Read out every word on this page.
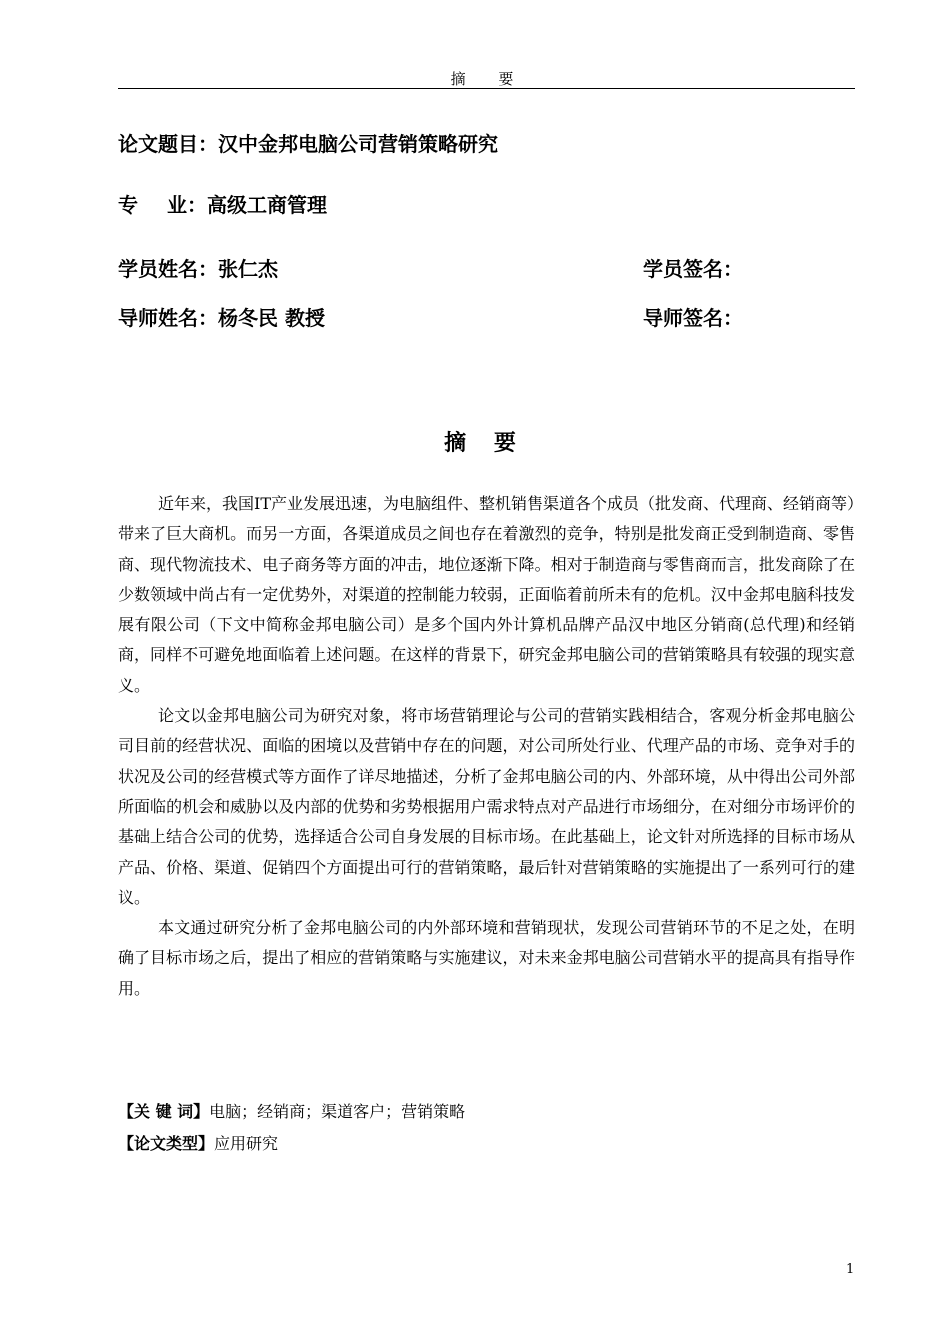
摘 要
论文题目：汉中金邦电脑公司营销策略研究
专 业：高级工商管理
学员姓名：张仁杰	学员签名：
导师姓名：杨冬民 教授	导师签名：
摘 要

近年来，我国IT产业发展迅速，为电脑组件、整机销售渠道各个成员（批发商、代理商、经销商等）带来了巨大商机。而另一方面，各渠道成员之间也存在着激烈的竞争，特别是批发商正受到制造商、零售商、现代物流技术、电子商务等方面的冲击，地位逐渐下降。相对于制造商与零售商而言，批发商除了在少数领域中尚占有一定优势外，对渠道的控制能力较弱，正面临着前所未有的危机。汉中金邦电脑科技发展有限公司（下文中简称金邦电脑公司）是多个国内外计算机品牌产品汉中地区分销商(总代理)和经销商，同样不可避免地面临着上述问题。在这样的背景下，研究金邦电脑公司的营销策略具有较强的现实意义。

论文以金邦电脑公司为研究对象，将市场营销理论与公司的营销实践相结合，客观分析金邦电脑公司目前的经营状况、面临的困境以及营销中存在的问题，对公司所处行业、代理产品的市场、竞争对手的状况及公司的经营模式等方面作了详尽地描述，分析了金邦电脑公司的内、外部环境，从中得出公司外部所面临的机会和威胁以及内部的优势和劣势根据用户需求特点对产品进行市场细分，在对细分市场评价的基础上结合公司的优势，选择适合公司自身发展的目标市场。在此基础上，论文针对所选择的目标市场从产品、价格、渠道、促销四个方面提出可行的营销策略，最后针对营销策略的实施提出了一系列可行的建议。

本文通过研究分析了金邦电脑公司的内外部环境和营销现状，发现公司营销环节的不足之处，在明确了目标市场之后，提出了相应的营销策略与实施建议，对未来金邦电脑公司营销水平的提高具有指导作用。

【关 键 词】电脑；经销商；渠道客户；营销策略
【论文类型】应用研究
1
